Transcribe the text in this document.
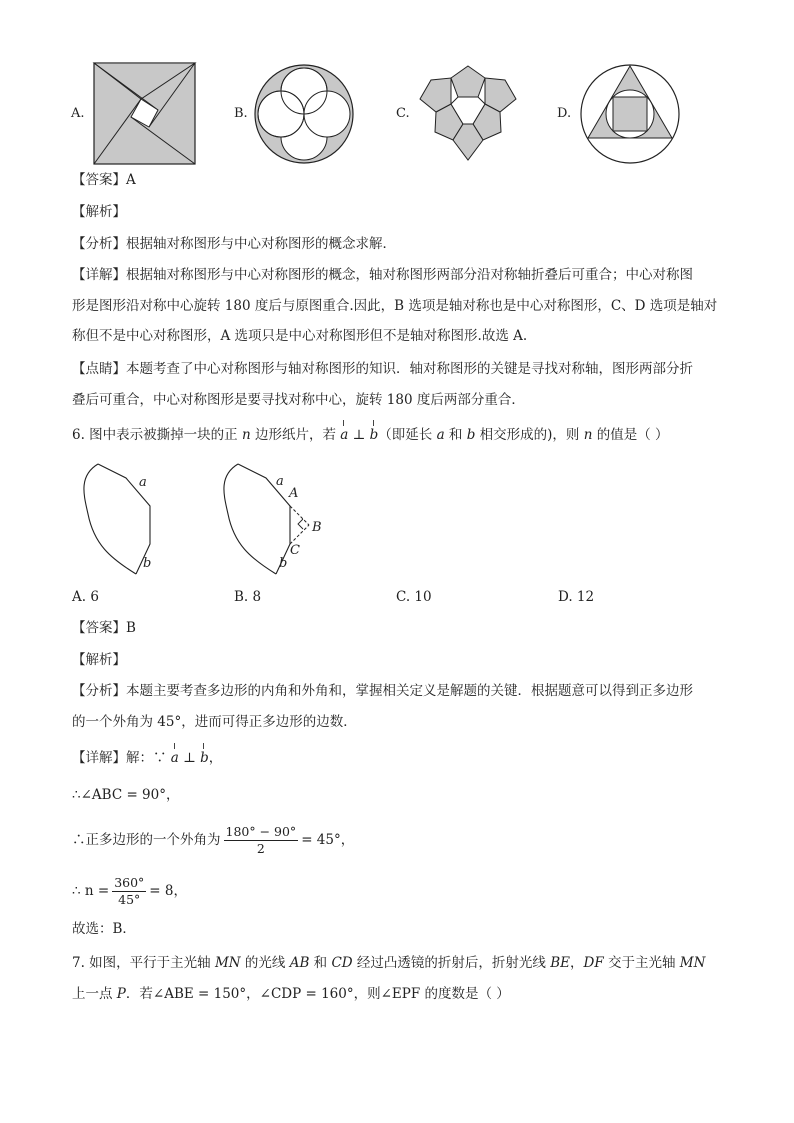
A.	B.	C.	D.
【答案】A
【解析】
【分析】根据轴对称图形与中心对称图形的概念求解．
【详解】根据轴对称图形与中心对称图形的概念，轴对称图形两部分沿对称轴折叠后可重合；中心对称图
形是图形沿对称中心旋转 180 度后与原图重合.因此，B 选项是轴对称也是中心对称图形，C、D 选项是轴对
称但不是中心对称图形，A 选项只是中心对称图形但不是轴对称图形.故选 A.
【点睛】本题考查了中心对称图形与轴对称图形的知识．轴对称图形的关键是寻找对称轴，图形两部分折
叠后可重合，中心对称图形是要寻找对称中心，旋转 180 度后两部分重合．
6. 图中表示被撕掉一块的正 n 边形纸片，若 a ⊥ b（即延长 a 和 b 相交形成的)，则 n 的值是（ ）
a
b
a
A
B
C
b
A. 6	B. 8	C. 10	D. 12
【答案】B
【解析】
【分析】本题主要考查多边形的内角和外角和，掌握相关定义是解题的关键．根据题意可以得到正多边形
的一个外角为 45°，进而可得正多边形的边数．
【详解】解：∵ a ⊥ b，
∴∠ABC = 90°，
∴正多边形的一个外角为 $\frac{180^\circ - 90^\circ}{2} = 45^\circ$，
∴ $n = \frac{360^\circ}{45^\circ} = 8$，
故选：B．
7. 如图，平行于主光轴 MN 的光线 AB 和 CD 经过凸透镜的折射后，折射光线 BE，DF 交于主光轴 MN
上一点 P．若∠ABE = 150°，∠CDP = 160°，则∠EPF 的度数是（ ）
